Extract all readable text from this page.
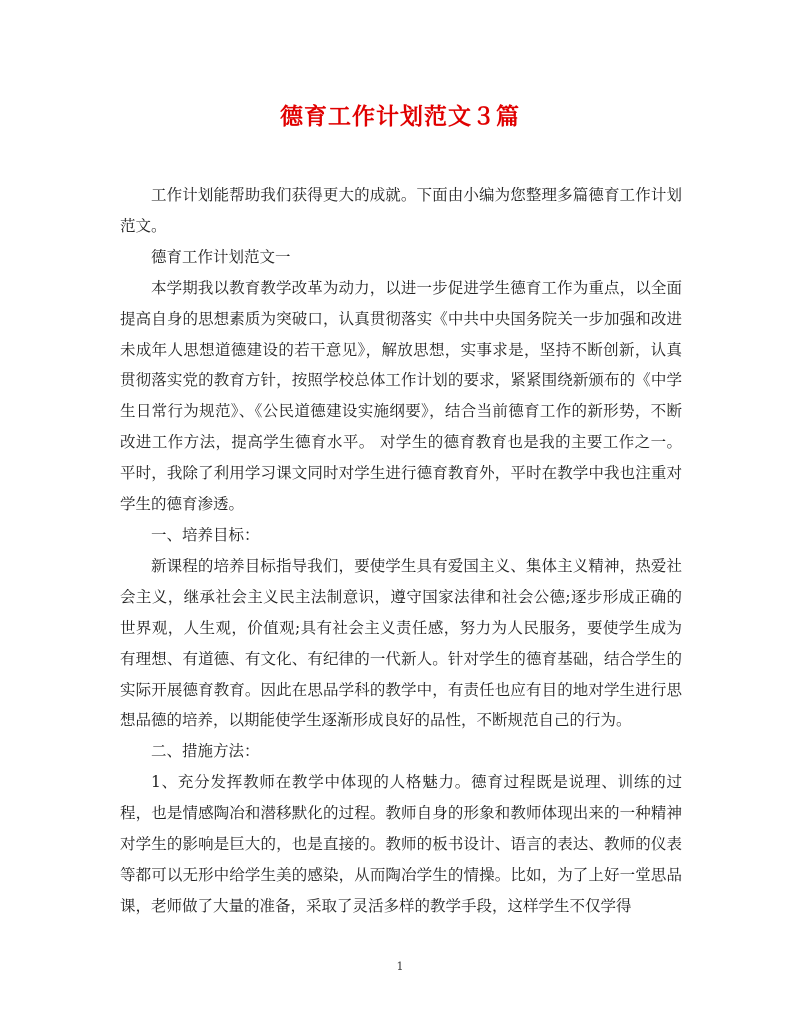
德育工作计划范文３篇

工作计划能帮助我们获得更大的成就。下面由小编为您整理多篇德育工作计划范文。

德育工作计划范文一

本学期我以教育教学改革为动力，以进一步促进学生德育工作为重点，以全面提高自身的思想素质为突破口，认真贯彻落实《中共中央国务院关一步加强和改进未成年人思想道德建设的若干意见》，解放思想，实事求是，坚持不断创新，认真贯彻落实党的教育方针，按照学校总体工作计划的要求，紧紧围绕新颁布的《中学生日常行为规范》、《公民道德建设实施纲要》，结合当前德育工作的新形势，不断改进工作方法，提高学生德育水平。 对学生的德育教育也是我的主要工作之一。平时，我除了利用学习课文同时对学生进行德育教育外，平时在教学中我也注重对学生的德育渗透。

一、培养目标：

新课程的培养目标指导我们，要使学生具有爱国主义、集体主义精神，热爱社会主义，继承社会主义民主法制意识，遵守国家法律和社会公德;逐步形成正确的世界观，人生观，价值观;具有社会主义责任感，努力为人民服务，要使学生成为有理想、有道德、有文化、有纪律的一代新人。针对学生的德育基础，结合学生的实际开展德育教育。因此在思品学科的教学中，有责任也应有目的地对学生进行思想品德的培养，以期能使学生逐渐形成良好的品性，不断规范自己的行为。

二、措施方法：

1、充分发挥教师在教学中体现的人格魅力。德育过程既是说理、训练的过程，也是情感陶冶和潜移默化的过程。教师自身的形象和教师体现出来的一种精神对学生的影响是巨大的，也是直接的。教师的板书设计、语言的表达、教师的仪表等都可以无形中给学生美的感染，从而陶冶学生的情操。比如，为了上好一堂思品课，老师做了大量的准备，采取了灵活多样的教学手段，这样学生不仅学得

1
